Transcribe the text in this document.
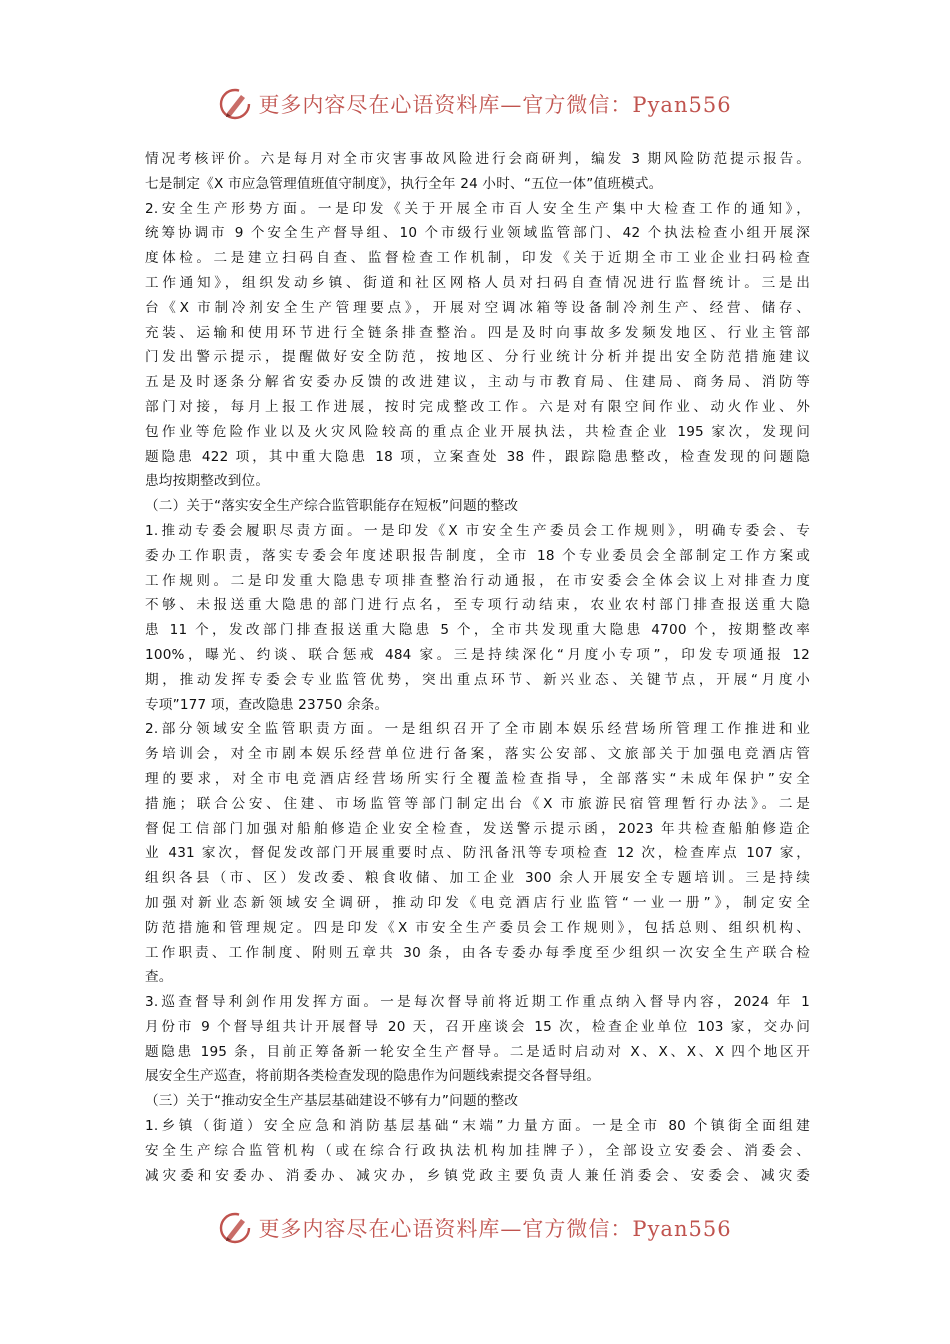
更多内容尽在心语资料库—官方微信：Pyan556
情况考核评价。六是每月对全市灾害事故风险进行会商研判，编发 3 期风险防范提示报告。
七是制定《X 市应急管理值班值守制度》，执行全年 24 小时、“五位一体”值班模式。
2.安全生产形势方面。一是印发《关于开展全市百人安全生产集中大检查工作的通知》，
统筹协调市 9 个安全生产督导组、10 个市级行业领域监管部门、42 个执法检查小组开展深
度体检。二是建立扫码自查、监督检查工作机制，印发《关于近期全市工业企业扫码检查
工作通知》，组织发动乡镇、街道和社区网格人员对扫码自查情况进行监督统计。三是出
台《X 市制冷剂安全生产管理要点》，开展对空调冰箱等设备制冷剂生产、经营、储存、
充装、运输和使用环节进行全链条排查整治。四是及时向事故多发频发地区、行业主管部
门发出警示提示，提醒做好安全防范，按地区、分行业统计分析并提出安全防范措施建议
五是及时逐条分解省安委办反馈的改进建议，主动与市教育局、住建局、商务局、消防等
部门对接，每月上报工作进展，按时完成整改工作。六是对有限空间作业、动火作业、外
包作业等危险作业以及火灾风险较高的重点企业开展执法，共检查企业 195 家次，发现问
题隐患 422 项，其中重大隐患 18 项，立案查处 38 件，跟踪隐患整改，检查发现的问题隐
患均按期整改到位。
（二）关于“落实安全生产综合监管职能存在短板”问题的整改
1.推动专委会履职尽责方面。一是印发《X 市安全生产委员会工作规则》，明确专委会、专
委办工作职责，落实专委会年度述职报告制度，全市 18 个专业委员会全部制定工作方案或
工作规则。二是印发重大隐患专项排查整治行动通报，在市安委会全体会议上对排查力度
不够、未报送重大隐患的部门进行点名，至专项行动结束，农业农村部门排查报送重大隐
患 11 个，发改部门排查报送重大隐患 5 个，全市共发现重大隐患 4700 个，按期整改率
100%，曝光、约谈、联合惩戒 484 家。三是持续深化“月度小专项”，印发专项通报 12
期，推动发挥专委会专业监管优势，突出重点环节、新兴业态、关键节点，开展“月度小
专项”177 项，查改隐患 23750 余条。
2.部分领域安全监管职责方面。一是组织召开了全市剧本娱乐经营场所管理工作推进和业
务培训会，对全市剧本娱乐经营单位进行备案，落实公安部、文旅部关于加强电竞酒店管
理的要求，对全市电竞酒店经营场所实行全覆盖检查指导，全部落实“未成年保护”安全
措施；联合公安、住建、市场监管等部门制定出台《X 市旅游民宿管理暂行办法》。二是
督促工信部门加强对船舶修造企业安全检查，发送警示提示函，2023 年共检查船舶修造企
业 431 家次，督促发改部门开展重要时点、防汛备汛等专项检查 12 次，检查库点 107 家，
组织各县（市、区）发改委、粮食收储、加工企业 300 余人开展安全专题培训。三是持续
加强对新业态新领域安全调研，推动印发《电竞酒店行业监管“一业一册”》，制定安全
防范措施和管理规定。四是印发《X 市安全生产委员会工作规则》，包括总则、组织机构、
工作职责、工作制度、附则五章共 30 条，由各专委办每季度至少组织一次安全生产联合检
查。
3.巡查督导利剑作用发挥方面。一是每次督导前将近期工作重点纳入督导内容，2024 年 1
月份市 9 个督导组共计开展督导 20 天，召开座谈会 15 次，检查企业单位 103 家，交办问
题隐患 195 条，目前正筹备新一轮安全生产督导。二是适时启动对 X、X、X、X 四个地区开
展安全生产巡查，将前期各类检查发现的隐患作为问题线索提交各督导组。
（三）关于“推动安全生产基层基础建设不够有力”问题的整改
1.乡镇（街道）安全应急和消防基层基础“末端”力量方面。一是全市 80 个镇街全面组建
安全生产综合监管机构（或在综合行政执法机构加挂牌子），全部设立安委会、消委会、
减灾委和安委办、消委办、减灾办，乡镇党政主要负责人兼任消委会、安委会、减灾委
更多内容尽在心语资料库—官方微信：Pyan556
